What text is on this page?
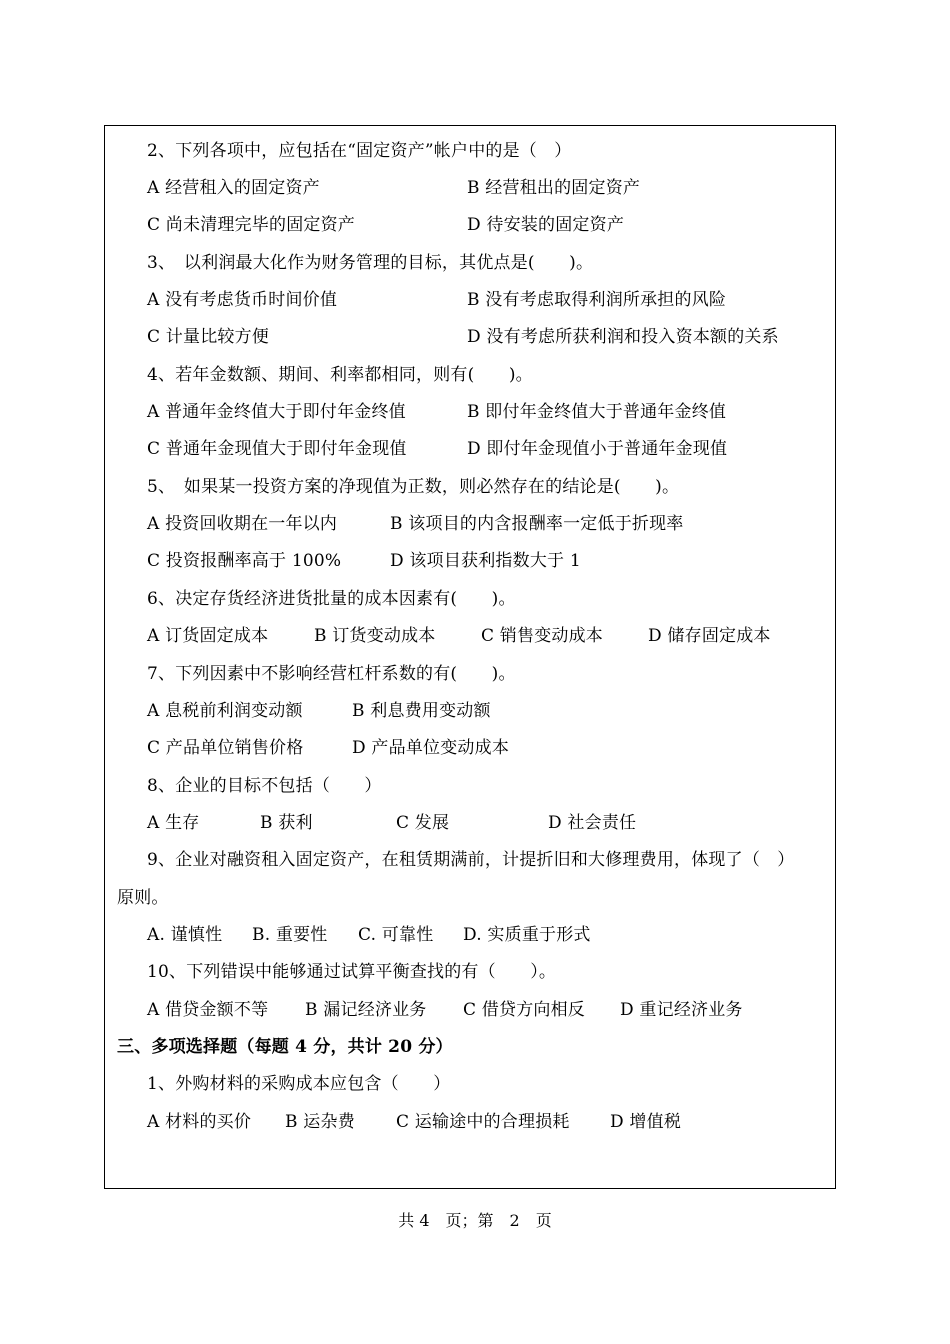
2、下列各项中，应包括在“固定资产”帐户中的是（　）
A 经营租入的固定资产	B 经营租出的固定资产
C 尚未清理完毕的固定资产	D 待安装的固定资产
3、　以利润最大化作为财务管理的目标，其优点是(　　)。
A 没有考虑货币时间价值	B 没有考虑取得利润所承担的风险
C 计量比较方便	D 没有考虑所获利润和投入资本额的关系
4、若年金数额、期间、利率都相同，则有(　　)。
A 普通年金终值大于即付年金终值	B 即付年金终值大于普通年金终值
C 普通年金现值大于即付年金现值	D 即付年金现值小于普通年金现值
5、　如果某一投资方案的净现值为正数，则必然存在的结论是(　　)。
A 投资回收期在一年以内	B 该项目的内含报酬率一定低于折现率
C 投资报酬率高于 100%	D 该项目获利指数大于 1
6、决定存货经济进货批量的成本因素有(　　)。
A 订货固定成本	B 订货变动成本	C 销售变动成本	D 储存固定成本
7、下列因素中不影响经营杠杆系数的有(　　)。
A 息税前利润变动额	B 利息费用变动额
C 产品单位销售价格	D 产品单位变动成本
8、企业的目标不包括（　　）
A 生存	B 获利	C 发展	D 社会责任
9、企业对融资租入固定资产，在租赁期满前，计提折旧和大修理费用，体现了（　）
原则。
A. 谨慎性 B. 重要性 C. 可靠性 D. 实质重于形式
10、下列错误中能够通过试算平衡查找的有（　　）。
A 借贷金额不等 B 漏记经济业务 C 借贷方向相反 D 重记经济业务
三、多项选择题（每题 4 分，共计 20 分）
1、外购材料的采购成本应包含（　　）
A 材料的买价 B 运杂费 C 运输途中的合理损耗 D 增值税
共 4　页；第　2　页
